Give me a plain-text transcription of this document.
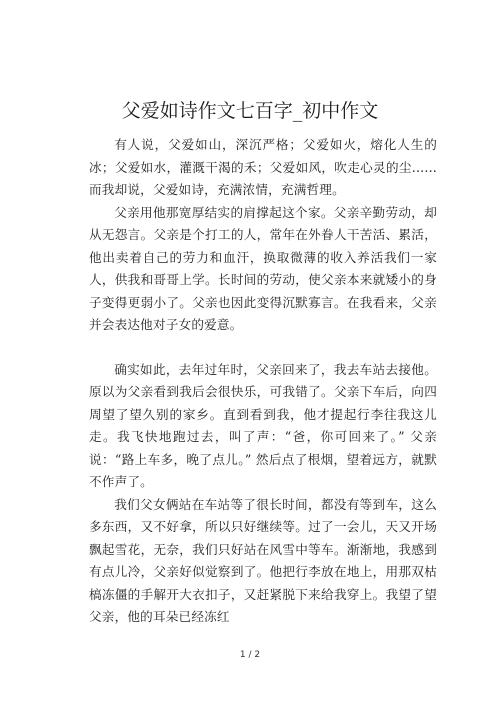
父爱如诗作文七百字_初中作文

有人说，父爱如山，深沉严格；父爱如火，熔化人生的冰；父爱如水，灌溉干渴的禾；父爱如风，吹走心灵的尘......而我却说，父爱如诗，充满浓情，充满哲理。

父亲用他那宽厚结实的肩撑起这个家。父亲辛勤劳动，却从无怨言。父亲是个打工的人，常年在外眷人干苦活、累活，他出卖着自己的劳力和血汗，换取微薄的收入养活我们一家人，供我和哥哥上学。长时间的劳动，使父亲本来就矮小的身子变得更弱小了。父亲也因此变得沉默寡言。在我看来，父亲并会表达他对子女的爱意。

确实如此，去年过年时，父亲回来了，我去车站去接他。原以为父亲看到我后会很快乐，可我错了。父亲下车后，向四周望了望久别的家乡。直到看到我，他才提起行李往我这儿走。我飞快地跑过去，叫了声：“爸，你可回来了。” 父亲说：“路上车多，晚了点儿。” 然后点了根烟，望着远方，就默不作声了。

我们父女俩站在车站等了很长时间，都没有等到车，这么多东西，又不好拿，所以只好继续等。过了一会儿，天又开场飘起雪花，无奈，我们只好站在风雪中等车。渐渐地，我感到有点儿冷，父亲好似觉察到了。他把行李放在地上，用那双枯槁冻僵的手解开大衣扣子，又赶紧脱下来给我穿上。我望了望父亲，他的耳朵已经冻红

1 / 2
